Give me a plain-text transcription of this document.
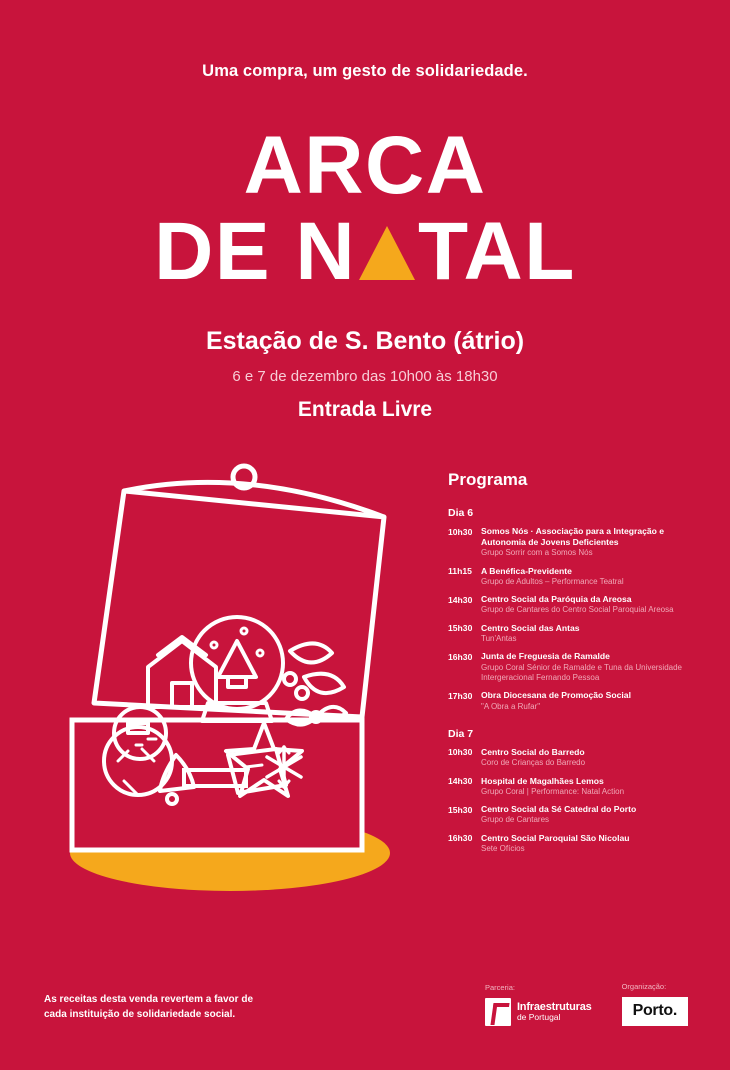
Uma compra, um gesto de solidariedade.
ARCA
DE N TAL
Estação de S. Bento (átrio)
6 e 7 de dezembro das 10h00 às 18h30
Entrada Livre
Programa
Dia 6
10h30	Somos Nós · Associação para a Integração e Autonomia de Jovens Deficientes
Grupo Sorrir com a Somos Nós
11h15	A Benéfica-Previdente
Grupo de Adultos – Performance Teatral
14h30	Centro Social da Paróquia da Areosa
Grupo de Cantares do Centro Social Paroquial Areosa
15h30	Centro Social das Antas
Tun'Antas
16h30	Junta de Freguesia de Ramalde
Grupo Coral Sénior de Ramalde e Tuna da Universidade Intergeracional Fernando Pessoa
17h30	Obra Diocesana de Promoção Social
"A Obra a Rufar"
Dia 7
10h30	Centro Social do Barredo
Coro de Crianças do Barredo
14h30	Hospital de Magalhães Lemos
Grupo Coral | Performance: Natal Action
15h30	Centro Social da Sé Catedral do Porto
Grupo de Cantares
16h30	Centro Social Paroquial São Nicolau
Sete Ofícios
As receitas desta venda revertem a favor de cada instituição de solidariedade social.
Parceria:
Infraestruturas
de Portugal
Organização:
Porto.
